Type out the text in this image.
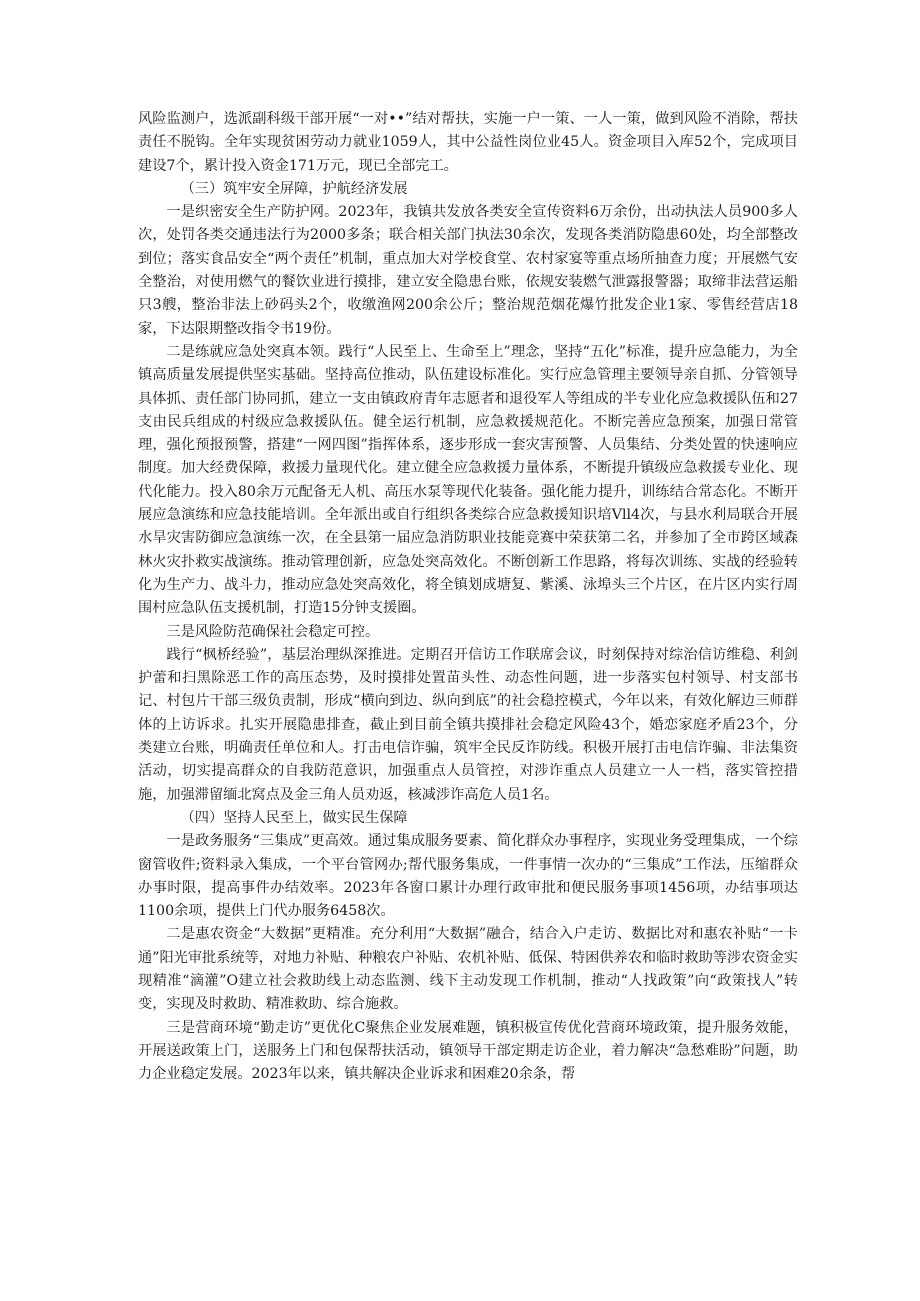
风险监测户，选派副科级干部开展“一对••”结对帮扶，实施一户一策、一人一策，做到风险不消除，帮扶责任不脱钩。全年实现贫困劳动力就业1059人，其中公益性岗位业45人。资金项目入库52个，完成项目建设7个，累计投入资金171万元，现已全部完工。

（三）筑牢安全屏障，护航经济发展

一是织密安全生产防护网。2023年，我镇共发放各类安全宣传资料6万余份，出动执法人员900多人次，处罚各类交通违法行为2000多条；联合相关部门执法30余次，发现各类消防隐患60处，均全部整改到位；落实食品安全“两个责任”机制，重点加大对学校食堂、农村家宴等重点场所抽查力度；开展燃气安全整治，对使用燃气的餐饮业进行摸排，建立安全隐患台账，依规安装燃气泄露报警器；取缔非法营运船只3艘，整治非法上砂码头2个，收缴渔网200余公斤；整治规范烟花爆竹批发企业1家、零售经营店18家，下达限期整改指令书19份。

二是练就应急处突真本领。践行“人民至上、生命至上”理念，坚持“五化”标准，提升应急能力，为全镇高质量发展提供坚实基础。坚持高位推动，队伍建设标准化。实行应急管理主要领导亲自抓、分管领导具体抓、责任部门协同抓，建立一支由镇政府青年志愿者和退役军人等组成的半专业化应急救援队伍和27支由民兵组成的村级应急救援队伍。健全运行机制，应急救援规范化。不断完善应急预案，加强日常管理，强化预报预警，搭建“一网四图”指挥体系，逐步形成一套灾害预警、人员集结、分类处置的快速响应制度。加大经费保障，救援力量现代化。建立健全应急救援力量体系，不断提升镇级应急救援专业化、现代化能力。投入80余万元配备无人机、高压水泵等现代化装备。强化能力提升，训练结合常态化。不断开展应急演练和应急技能培训。全年派出或自行组织各类综合应急救援知识培Vll4次，与县水利局联合开展水旱灾害防御应急演练一次，在全县第一届应急消防职业技能竞赛中荣获第二名，并参加了全市跨区域森林火灾扑救实战演练。推动管理创新，应急处突高效化。不断创新工作思路，将每次训练、实战的经验转化为生产力、战斗力，推动应急处突高效化，将全镇划成塘复、紫溪、泳埠头三个片区，在片区内实行周围村应急队伍支援机制，打造15分钟支援圈。

三是风险防范确保社会稳定可控。

践行“枫桥经验”，基层治理纵深推进。定期召开信访工作联席会议，时刻保持对综治信访维稳、利剑护蕾和扫黑除恶工作的高压态势，及时摸排处置苗头性、动态性问题，进一步落实包村领导、村支部书记、村包片干部三级负责制，形成“横向到边、纵向到底”的社会稳控模式，今年以来，有效化解边三师群体的上访诉求。扎实开展隐患排查，截止到目前全镇共摸排社会稳定风险43个，婚恋家庭矛盾23个，分类建立台账，明确责任单位和人。打击电信诈骗，筑牢全民反诈防线。积极开展打击电信诈骗、非法集资活动，切实提高群众的自我防范意识，加强重点人员管控，对涉诈重点人员建立一人一档，落实管控措施，加强滞留缅北窝点及金三角人员劝返，核减涉诈高危人员1名。

（四）坚持人民至上，做实民生保障

一是政务服务“三集成”更高效。通过集成服务要素、简化群众办事程序，实现业务受理集成，一个综窗管收件;资料录入集成，一个平台管网办;帮代服务集成，一件事情一次办的“三集成”工作法，压缩群众办事时限，提高事件办结效率。2023年各窗口累计办理行政审批和便民服务事项1456项，办结事项达1100余项，提供上门代办服务6458次。

二是惠农资金“大数据”更精准。充分利用“大数据”融合，结合入户走访、数据比对和惠农补贴“一卡通”阳光审批系统等，对地力补贴、种粮农户补贴、农机补贴、低保、特困供养农和临时救助等涉农资金实现精准“滴灌”O建立社会救助线上动态监测、线下主动发现工作机制，推动“人找政策”向“政策找人”转变，实现及时救助、精准救助、综合施救。

三是营商环境“勤走访”更优化C聚焦企业发展难题，镇积极宣传优化营商环境政策，提升服务效能，开展送政策上门，送服务上门和包保帮扶活动，镇领导干部定期走访企业，着力解决“急愁难盼”问题，助力企业稳定发展。2023年以来，镇共解决企业诉求和困难20余条，帮
